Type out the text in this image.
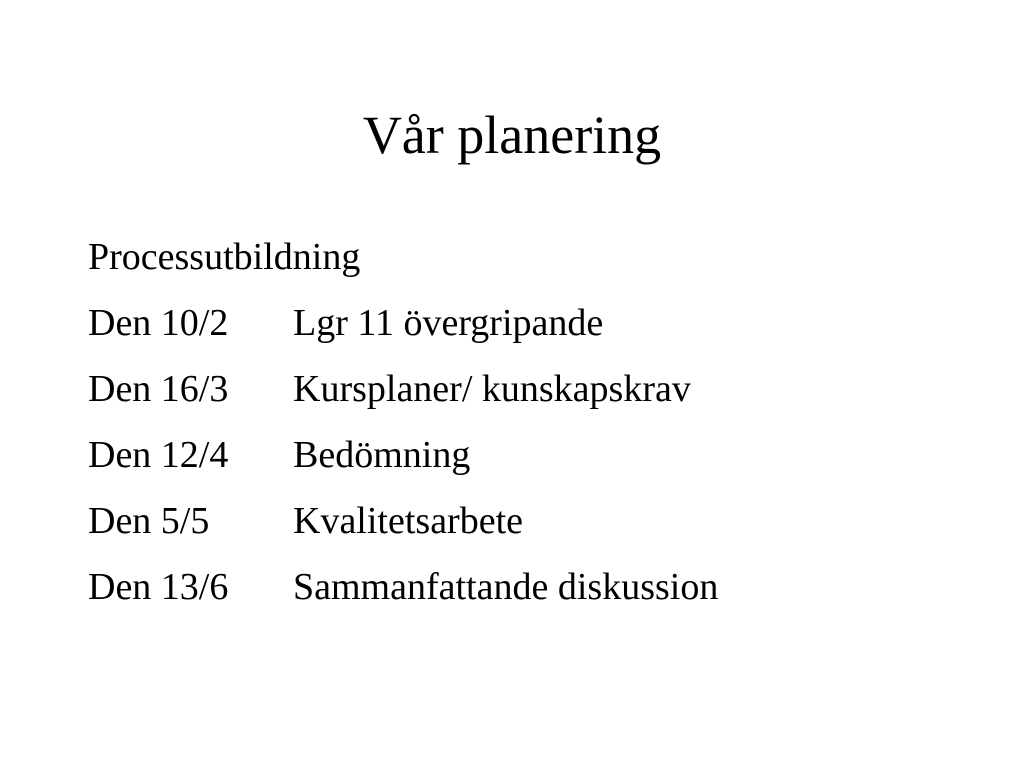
Vår planering
Processutbildning
Den 10/2 Lgr 11 övergripande
Den 16/3 Kursplaner/ kunskapskrav
Den 12/4 Bedömning
Den 5/5 Kvalitetsarbete
Den 13/6 Sammanfattande diskussion
